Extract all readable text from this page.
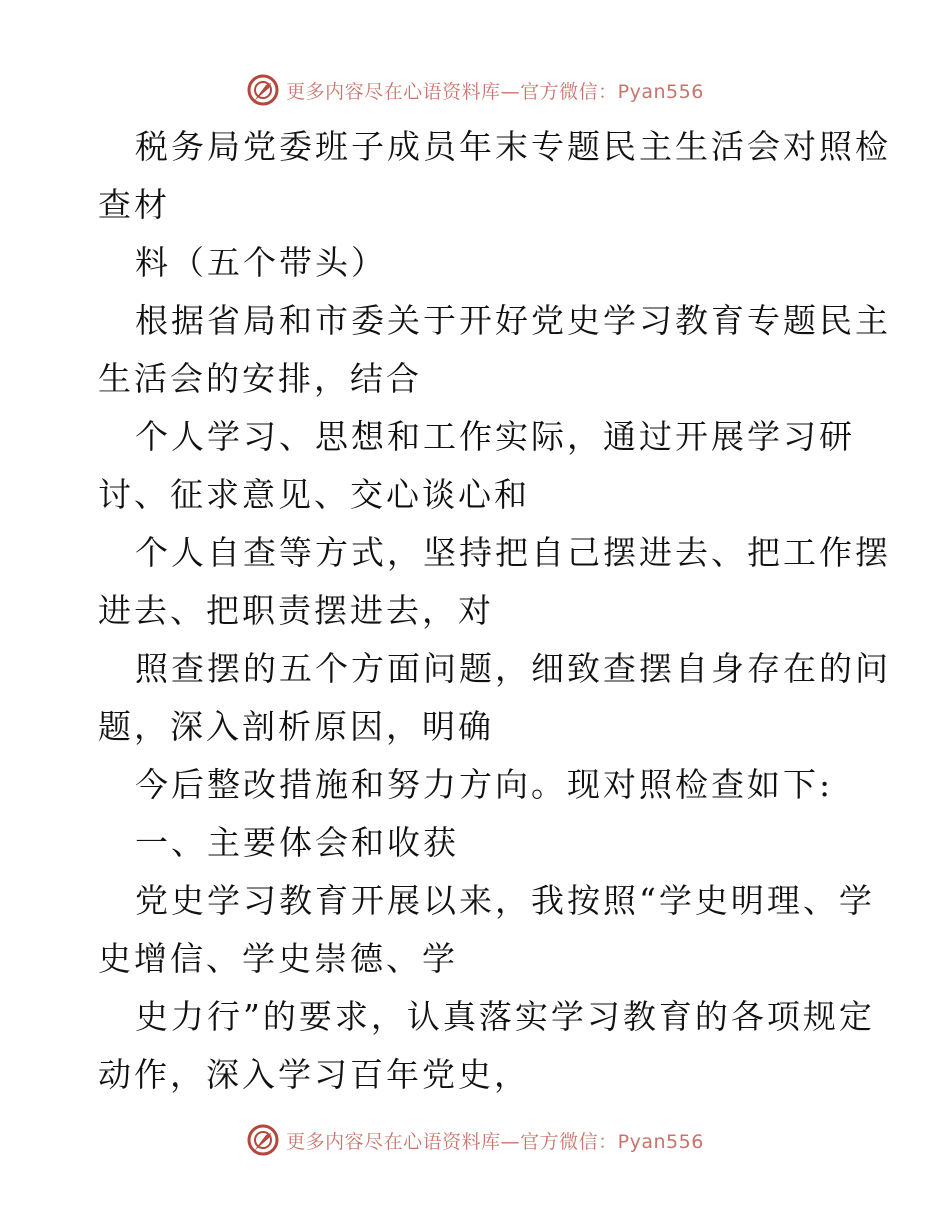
更多内容尽在心语资料库—官方微信：Pyan556
税务局党委班子成员年末专题民主生活会对照检
查材
料（五个带头）
根据省局和市委关于开好党史学习教育专题民主
生活会的安排，结合
个人学习、思想和工作实际，通过开展学习研
讨、征求意见、交心谈心和
个人自查等方式，坚持把自己摆进去、把工作摆
进去、把职责摆进去，对
照查摆的五个方面问题，细致查摆自身存在的问
题，深入剖析原因，明确
今后整改措施和努力方向。现对照检查如下:
一、主要体会和收获
党史学习教育开展以来，我按照“学史明理、学
史增信、学史崇德、学
史力行”的要求，认真落实学习教育的各项规定
动作，深入学习百年党史，
更多内容尽在心语资料库—官方微信：Pyan556
